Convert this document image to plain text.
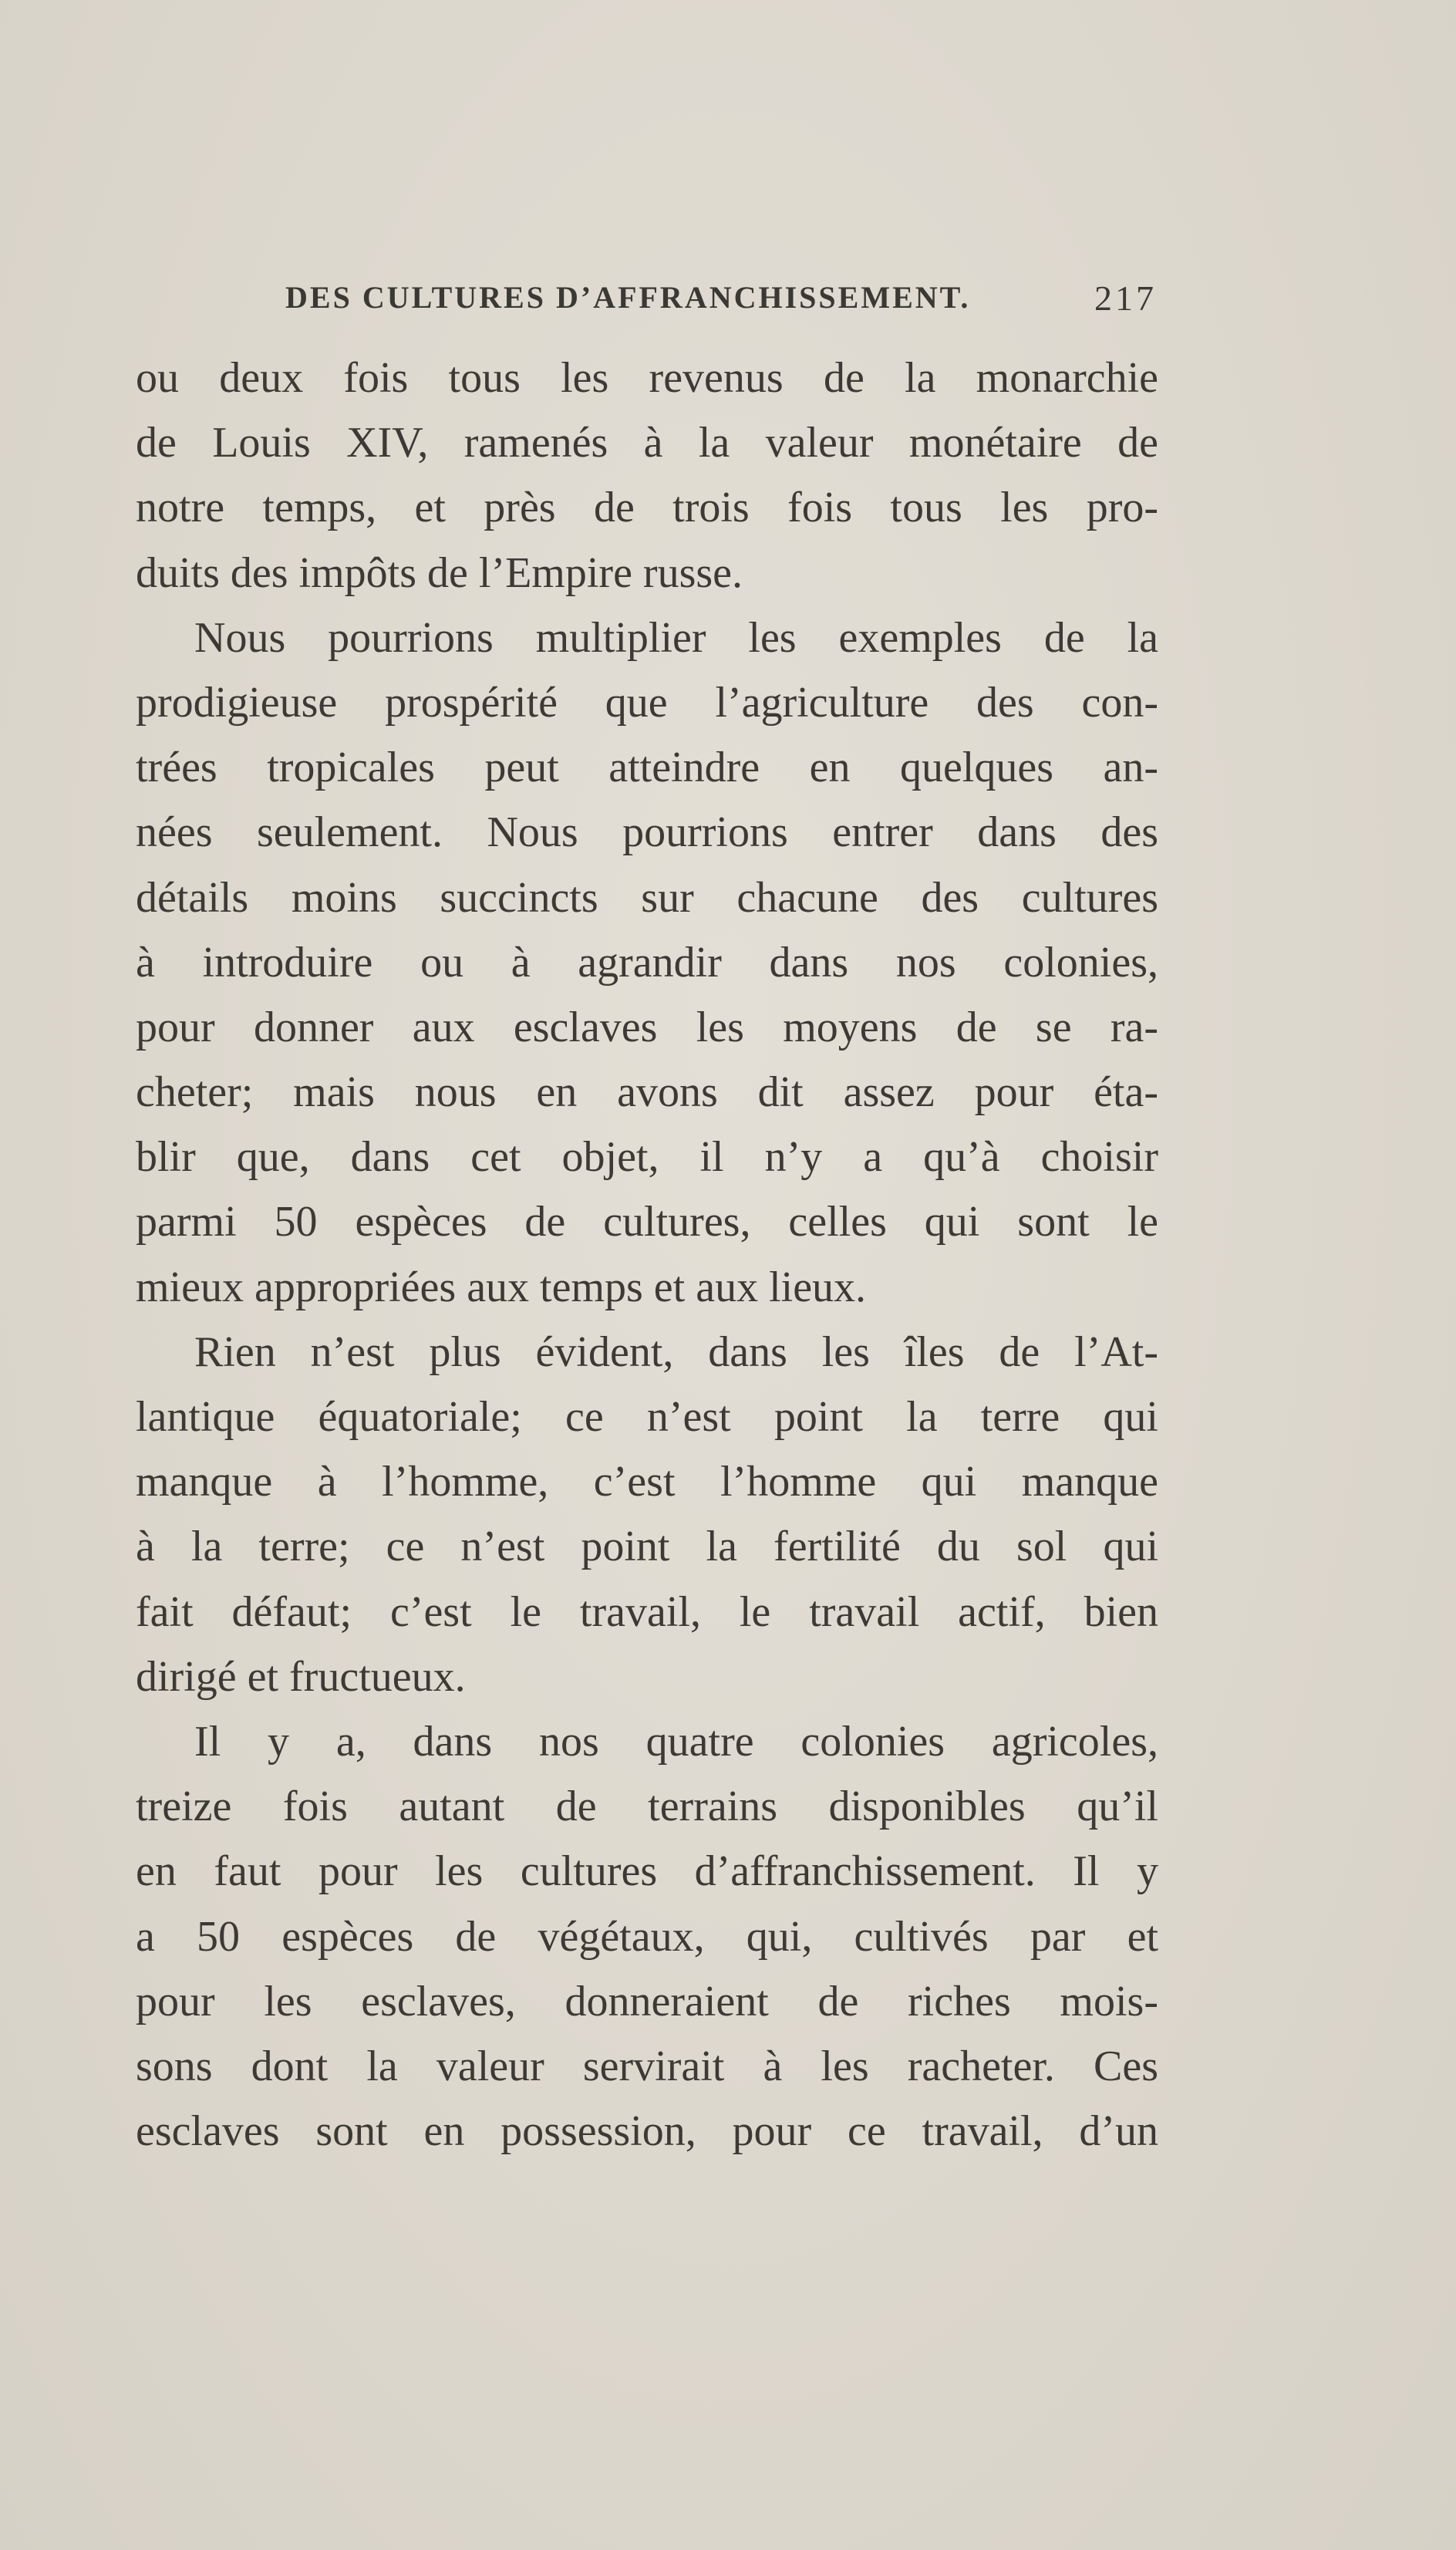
DES CULTURES D’AFFRANCHISSEMENT.	217
ou deux fois tous les revenus de la monarchie
de Louis XIV, ramenés à la valeur monétaire de
notre temps, et près de trois fois tous les pro-
duits des impôts de l’Empire russe.
Nous pourrions multiplier les exemples de la
prodigieuse prospérité que l’agriculture des con-
trées tropicales peut atteindre en quelques an-
nées seulement. Nous pourrions entrer dans des
détails moins succincts sur chacune des cultures
à introduire ou à agrandir dans nos colonies,
pour donner aux esclaves les moyens de se ra-
cheter; mais nous en avons dit assez pour éta-
blir que, dans cet objet, il n’y a qu’à choisir
parmi 50 espèces de cultures, celles qui sont le
mieux appropriées aux temps et aux lieux.
Rien n’est plus évident, dans les îles de l’At-
lantique équatoriale; ce n’est point la terre qui
manque à l’homme, c’est l’homme qui manque
à la terre; ce n’est point la fertilité du sol qui
fait défaut; c’est le travail, le travail actif, bien
dirigé et fructueux.
Il y a, dans nos quatre colonies agricoles,
treize fois autant de terrains disponibles qu’il
en faut pour les cultures d’affranchissement. Il y
a 50 espèces de végétaux, qui, cultivés par et
pour les esclaves, donneraient de riches mois-
sons dont la valeur servirait à les racheter. Ces
esclaves sont en possession, pour ce travail, d’un
